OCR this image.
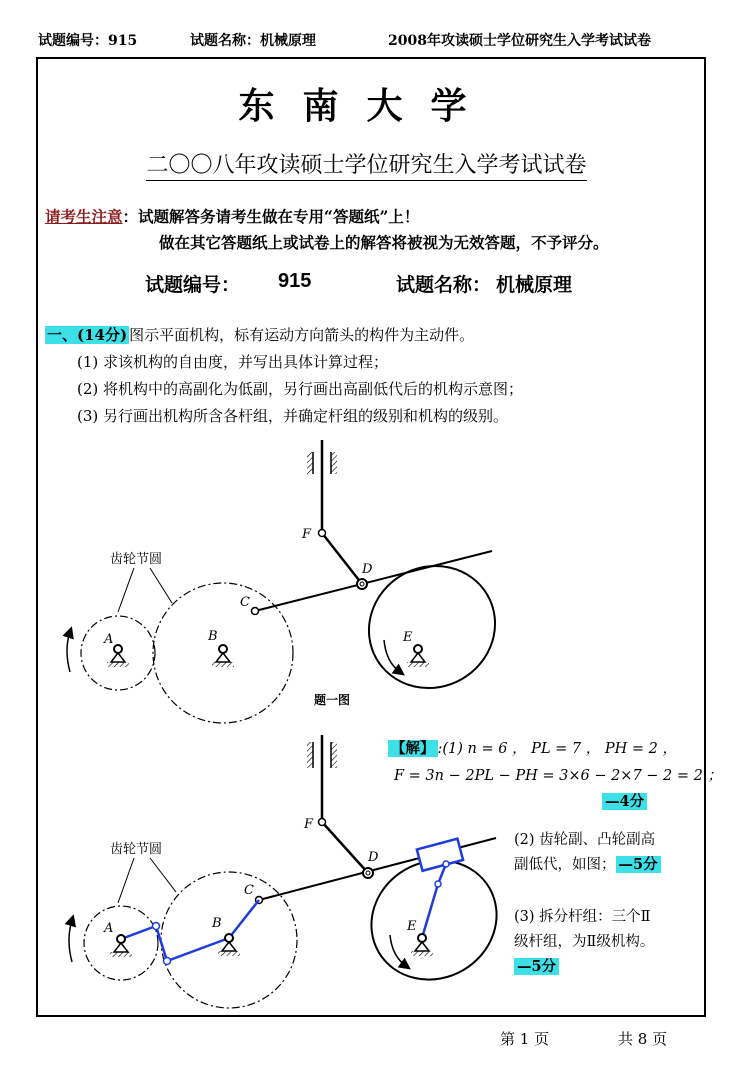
试题编号：915	试题名称：机械原理	2008年攻读硕士学位研究生入学考试试卷
东南大学
二〇〇八年攻读硕士学位研究生入学考试试卷
请考生注意：试题解答务请考生做在专用“答题纸”上！
做在其它答题纸上或试卷上的解答将被视为无效答题，不予评分。
试题编号： 915	试题名称： 机械原理
一、(14分) 图示平面机构，标有运动方向箭头的构件为主动件。
(1) 求该机构的自由度，并写出具体计算过程；
(2) 将机构中的高副化为低副，另行画出高副低代后的机构示意图；
(3) 另行画出机构所含各杆组，并确定杆组的级别和机构的级别。
齿轮节圆
A	B
C
D
E
F
题一图
齿轮节圆
A	B
C
D
E
F
【解】 :(1) n = 6 ， PL = 7 ， PH = 2 ，
F = 3n − 2PL − PH = 3×6 − 2×7 − 2 = 2 ；
—4分
(2) 齿轮副、凸轮副高
副低代，如图； —5分
(3) 拆分杆组：三个Ⅱ
级杆组，为Ⅱ级机构。
—5分
第 1 页	共 8 页
